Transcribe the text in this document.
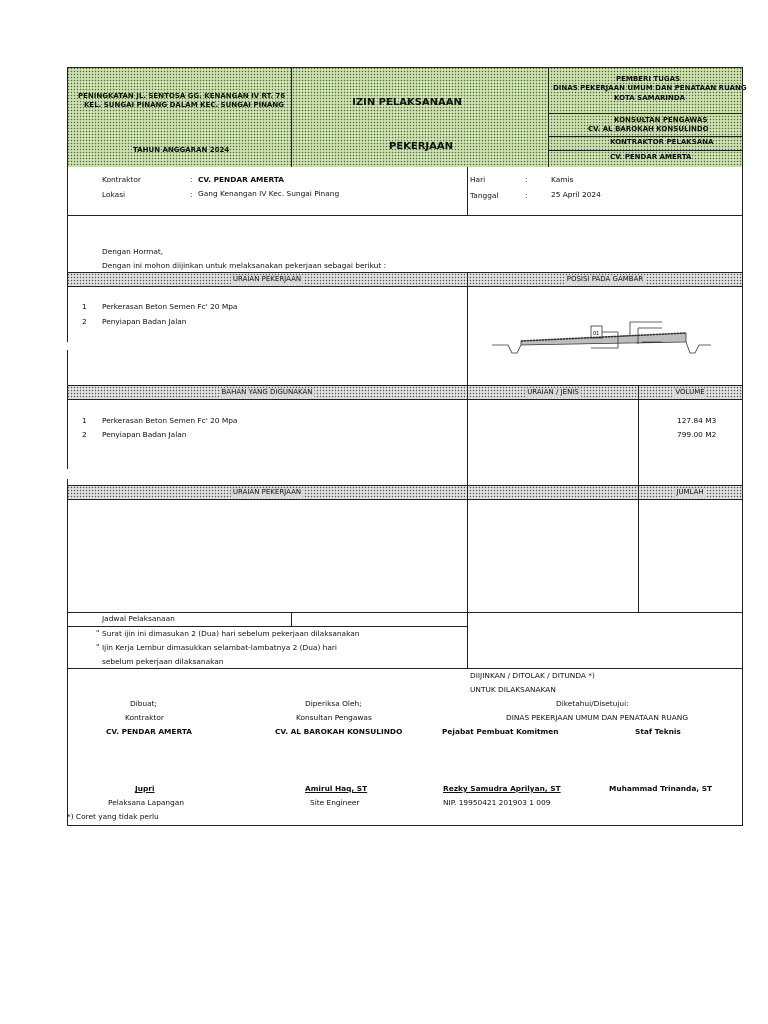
PENINGKATAN JL. SENTOSA GG. KENANGAN IV RT. 76
KEL. SUNGAI PINANG DALAM KEC. SUNGAI PINANG
TAHUN ANGGARAN 2024
IZIN PELAKSANAAN
PEKERJAAN
PEMBERI TUGAS
DINAS PEKERJAAN UMUM DAN PENATAAN RUANG
KOTA SAMARINDA
KONSULTAN PENGAWAS
CV. AL BAROKAH KONSULINDO
KONTRAKTOR PELAKSANA
CV. PENDAR AMERTA
Kontraktor	: CV. PENDAR AMERTA
Lokasi	: Gang Kenangan IV Kec. Sungai Pinang
Hari	:	Kamis
Tanggal	:	25 April 2024
Dengan Hormat,
Dengan ini mohon diijinkan untuk melaksanakan pekerjaan sebagai berikut :
URAIAN PEKERJAAN	POSISI PADA GAMBAR
1 Perkerasan Beton Semen Fc' 20 Mpa
2 Penyiapan Badan Jalan
01
BAHAN YANG DIGUNAKAN	URAIAN / JENIS	VOLUME
1 Perkerasan Beton Semen Fc' 20 Mpa	127.84 M3
2 Penyiapan Badan Jalan	799.00 M2
URAIAN PEKERJAAN	JUMLAH
Jadwal Pelaksanaan
" Surat ijin ini dimasukan 2 (Dua) hari sebelum pekerjaan dilaksanakan
" Ijin Kerja Lembur dimasukkan selambat-lambatnya 2 (Dua) hari
sebelum pekerjaan dilaksanakan
DIIJINKAN / DITOLAK / DITUNDA *)
UNTUK DILAKSANAKAN
Dibuat;	Diperiksa Oleh;	Diketahui/Disetujui:
Kontraktor	Konsultan Pengawas	DINAS PEKERJAAN UMUM DAN PENATAAN RUANG
CV. PENDAR AMERTA	CV. AL BAROKAH KONSULINDO	Pejabat Pembuat Komitmen	Staf Teknis
Jupri	Amirul Haq, ST	Rezky Samudra Aprilyan, ST	Muhammad Trinanda, ST
Pelaksana Lapangan	Site Engineer	NIP. 19950421 201903 1 009
*) Coret yang tidak perlu
